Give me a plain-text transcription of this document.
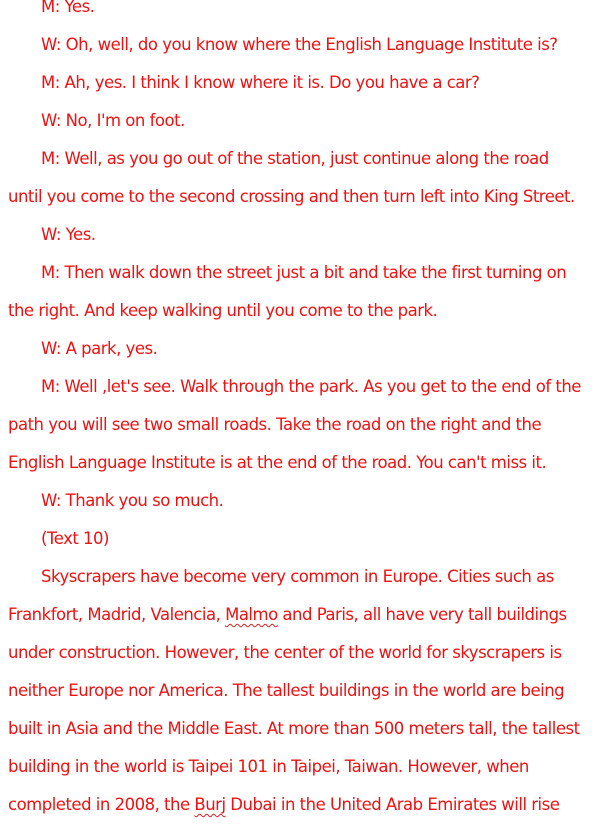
M: Yes.
W: Oh, well, do you know where the English Language Institute is?
M: Ah, yes. I think I know where it is. Do you have a car?
W: No, I'm on foot.
M: Well, as you go out of the station, just continue along the road
until you come to the second crossing and then turn left into King Street.
W: Yes.
M: Then walk down the street just a bit and take the first turning on
the right. And keep walking until you come to the park.
W: A park, yes.
M: Well ,let's see. Walk through the park. As you get to the end of the
path you will see two small roads. Take the road on the right and the
English Language Institute is at the end of the road. You can't miss it.
W: Thank you so much.
(Text 10)
Skyscrapers have become very common in Europe. Cities such as
Frankfort, Madrid, Valencia, Malmo and Paris, all have very tall buildings
under construction. However, the center of the world for skyscrapers is
neither Europe nor America. The tallest buildings in the world are being
built in Asia and the Middle East. At more than 500 meters tall, the tallest
building in the world is Taipei 101 in Taipei, Taiwan. However, when
completed in 2008, the Burj Dubai in the United Arab Emirates will rise
